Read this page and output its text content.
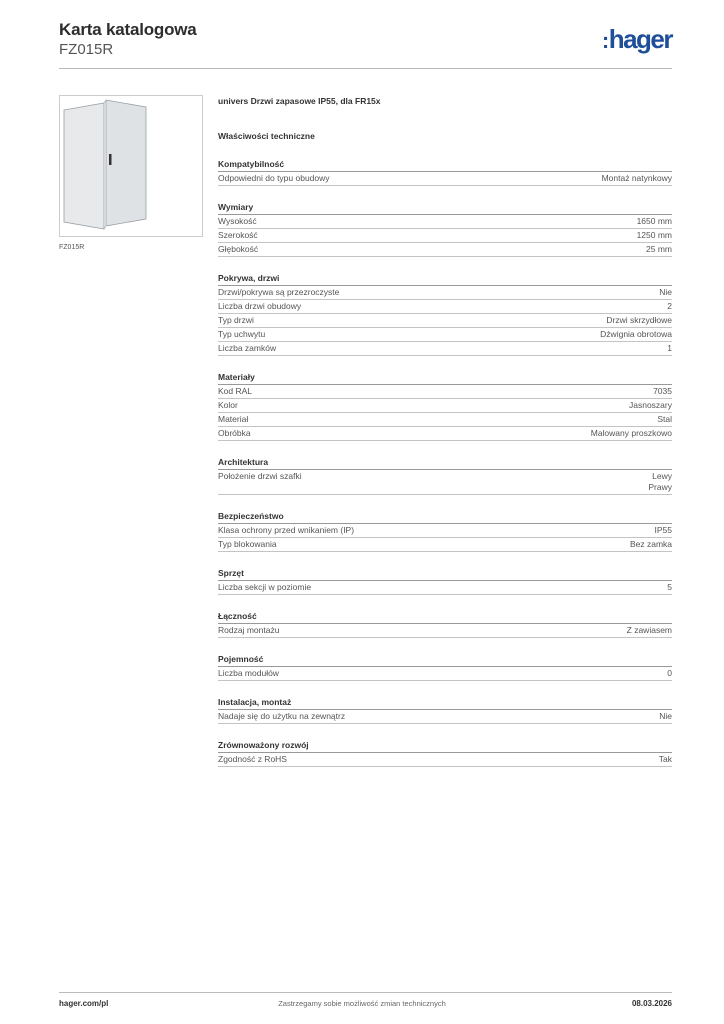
Karta katalogowa
FZ015R	:hager
FZ015R
univers Drzwi zapasowe IP55, dla FR15x
Właściwości techniczne
Kompatybilność
Odpowiedni do typu obudowy	Montaż natynkowy
Wymiary
Wysokość	1650 mm
Szerokość	1250 mm
Głębokość	25 mm
Pokrywa, drzwi
Drzwi/pokrywa są przezroczyste	Nie
Liczba drzwi obudowy	2
Typ drzwi	Drzwi skrzydłowe
Typ uchwytu	Dźwignia obrotowa
Liczba zamków	1
Materiały
Kod RAL	7035
Kolor	Jasnoszary
Materiał	Stal
Obróbka	Malowany proszkowo
Architektura
Położenie drzwi szafki	Lewy
Prawy
Bezpieczeństwo
Klasa ochrony przed wnikaniem (IP)	IP55
Typ blokowania	Bez zamka
Sprzęt
Liczba sekcji w poziomie	5
Łączność
Rodzaj montażu	Z zawiasem
Pojemność
Liczba modułów	0
Instalacja, montaż
Nadaje się do użytku na zewnątrz	Nie
Zrównoważony rozwój
Zgodność z RoHS	Tak
hager.com/pl	Zastrzegamy sobie możliwość zmian technicznych	08.03.2026
